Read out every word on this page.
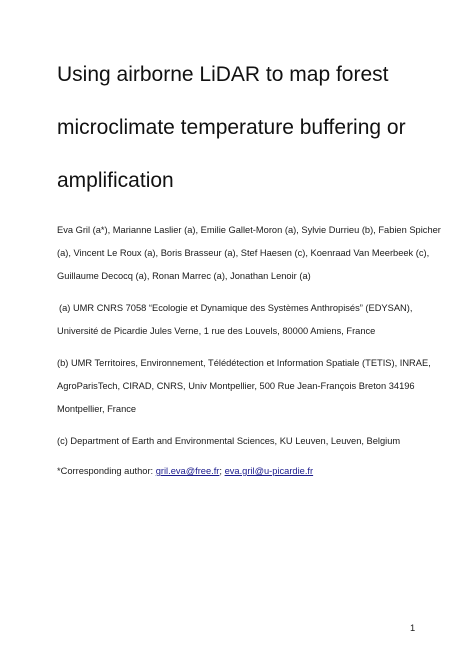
Using airborne LiDAR to map forest
microclimate temperature buffering or
amplification
Eva Gril (a*), Marianne Laslier (a), Emilie Gallet-Moron (a), Sylvie Durrieu (b), Fabien Spicher
(a), Vincent Le Roux (a), Boris Brasseur (a), Stef Haesen (c), Koenraad Van Meerbeek (c),
Guillaume Decocq (a), Ronan Marrec (a), Jonathan Lenoir (a)
(a) UMR CNRS 7058 “Ecologie et Dynamique des Systèmes Anthropisés” (EDYSAN),
Université de Picardie Jules Verne, 1 rue des Louvels, 80000 Amiens, France
(b) UMR Territoires, Environnement, Télédétection et Information Spatiale (TETIS), INRAE,
AgroParisTech, CIRAD, CNRS, Univ Montpellier, 500 Rue Jean-François Breton 34196
Montpellier, France
(c) Department of Earth and Environmental Sciences, KU Leuven, Leuven, Belgium
*Corresponding author: gril.eva@free.fr; eva.gril@u-picardie.fr
1
